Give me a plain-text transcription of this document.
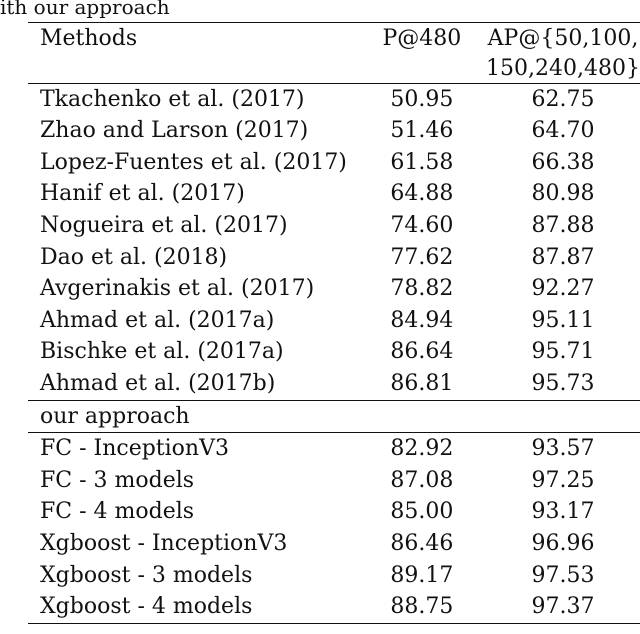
ith our approach
Methods	P@480	AP@{50,100,
		150,240,480}
Tkachenko et al. (2017)	50.95	62.75
Zhao and Larson (2017)	51.46	64.70
Lopez-Fuentes et al. (2017)	61.58	66.38
Hanif et al. (2017)	64.88	80.98
Nogueira et al. (2017)	74.60	87.88
Dao et al. (2018)	77.62	87.87
Avgerinakis et al. (2017)	78.82	92.27
Ahmad et al. (2017a)	84.94	95.11
Bischke et al. (2017a)	86.64	95.71
Ahmad et al. (2017b)	86.81	95.73
our approach		
FC - InceptionV3	82.92	93.57
FC - 3 models	87.08	97.25
FC - 4 models	85.00	93.17
Xgboost - InceptionV3	86.46	96.96
Xgboost - 3 models	89.17	97.53
Xgboost - 4 models	88.75	97.37
